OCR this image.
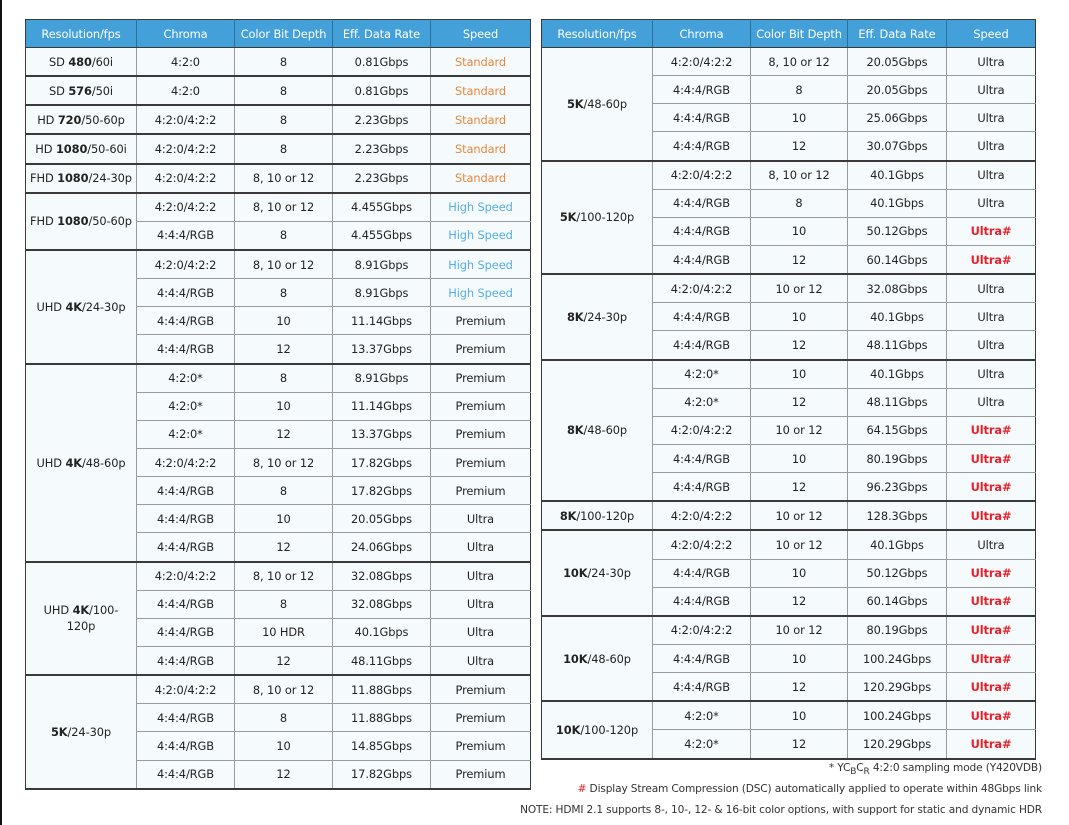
Resolution/fps	Chroma	Color Bit Depth	Eff. Data Rate	Speed
SD 480/60i	4:2:0	8	0.81Gbps	Standard
SD 576/50i	4:2:0	8	0.81Gbps	Standard
HD 720/50-60p	4:2:0/4:2:2	8	2.23Gbps	Standard
HD 1080/50-60i	4:2:0/4:2:2	8	2.23Gbps	Standard
FHD 1080/24-30p	4:2:0/4:2:2	8, 10 or 12	2.23Gbps	Standard
FHD 1080/50-60p	4:2:0/4:2:2	8, 10 or 12	4.455Gbps	High Speed
	4:4:4/RGB	8	4.455Gbps	High Speed
UHD 4K/24-30p	4:2:0/4:2:2	8, 10 or 12	8.91Gbps	High Speed
	4:4:4/RGB	8	8.91Gbps	High Speed
	4:4:4/RGB	10	11.14Gbps	Premium
	4:4:4/RGB	12	13.37Gbps	Premium
UHD 4K/48-60p	4:2:0*	8	8.91Gbps	Premium
	4:2:0*	10	11.14Gbps	Premium
	4:2:0*	12	13.37Gbps	Premium
	4:2:0/4:2:2	8, 10 or 12	17.82Gbps	Premium
	4:4:4/RGB	8	17.82Gbps	Premium
	4:4:4/RGB	10	20.05Gbps	Ultra
	4:4:4/RGB	12	24.06Gbps	Ultra
UHD 4K/100-120p	4:2:0/4:2:2	8, 10 or 12	32.08Gbps	Ultra
	4:4:4/RGB	8	32.08Gbps	Ultra
	4:4:4/RGB	10 HDR	40.1Gbps	Ultra
	4:4:4/RGB	12	48.11Gbps	Ultra
5K/24-30p	4:2:0/4:2:2	8, 10 or 12	11.88Gbps	Premium
	4:4:4/RGB	8	11.88Gbps	Premium
	4:4:4/RGB	10	14.85Gbps	Premium
	4:4:4/RGB	12	17.82Gbps	Premium
Resolution/fps	Chroma	Color Bit Depth	Eff. Data Rate	Speed
5K/48-60p	4:2:0/4:2:2	8, 10 or 12	20.05Gbps	Ultra
	4:4:4/RGB	8	20.05Gbps	Ultra
	4:4:4/RGB	10	25.06Gbps	Ultra
	4:4:4/RGB	12	30.07Gbps	Ultra
5K/100-120p	4:2:0/4:2:2	8, 10 or 12	40.1Gbps	Ultra
	4:4:4/RGB	8	40.1Gbps	Ultra
	4:4:4/RGB	10	50.12Gbps	Ultra#
	4:4:4/RGB	12	60.14Gbps	Ultra#
8K/24-30p	4:2:0/4:2:2	10 or 12	32.08Gbps	Ultra
	4:4:4/RGB	10	40.1Gbps	Ultra
	4:4:4/RGB	12	48.11Gbps	Ultra
8K/48-60p	4:2:0*	10	40.1Gbps	Ultra
	4:2:0*	12	48.11Gbps	Ultra
	4:2:0/4:2:2	10 or 12	64.15Gbps	Ultra#
	4:4:4/RGB	10	80.19Gbps	Ultra#
	4:4:4/RGB	12	96.23Gbps	Ultra#
8K/100-120p	4:2:0/4:2:2	10 or 12	128.3Gbps	Ultra#
10K/24-30p	4:2:0/4:2:2	10 or 12	40.1Gbps	Ultra
	4:4:4/RGB	10	50.12Gbps	Ultra#
	4:4:4/RGB	12	60.14Gbps	Ultra#
10K/48-60p	4:2:0/4:2:2	10 or 12	80.19Gbps	Ultra#
	4:4:4/RGB	10	100.24Gbps	Ultra#
	4:4:4/RGB	12	120.29Gbps	Ultra#
10K/100-120p	4:2:0*	10	100.24Gbps	Ultra#
	4:2:0*	12	120.29Gbps	Ultra#
* $YC_BC_R$ 4:2:0 sampling mode (Y420VDB)
# Display Stream Compression (DSC) automatically applied to operate within 48Gbps link
NOTE: HDMI 2.1 supports 8-, 10-, 12- & 16-bit color options, with support for static and dynamic HDR
